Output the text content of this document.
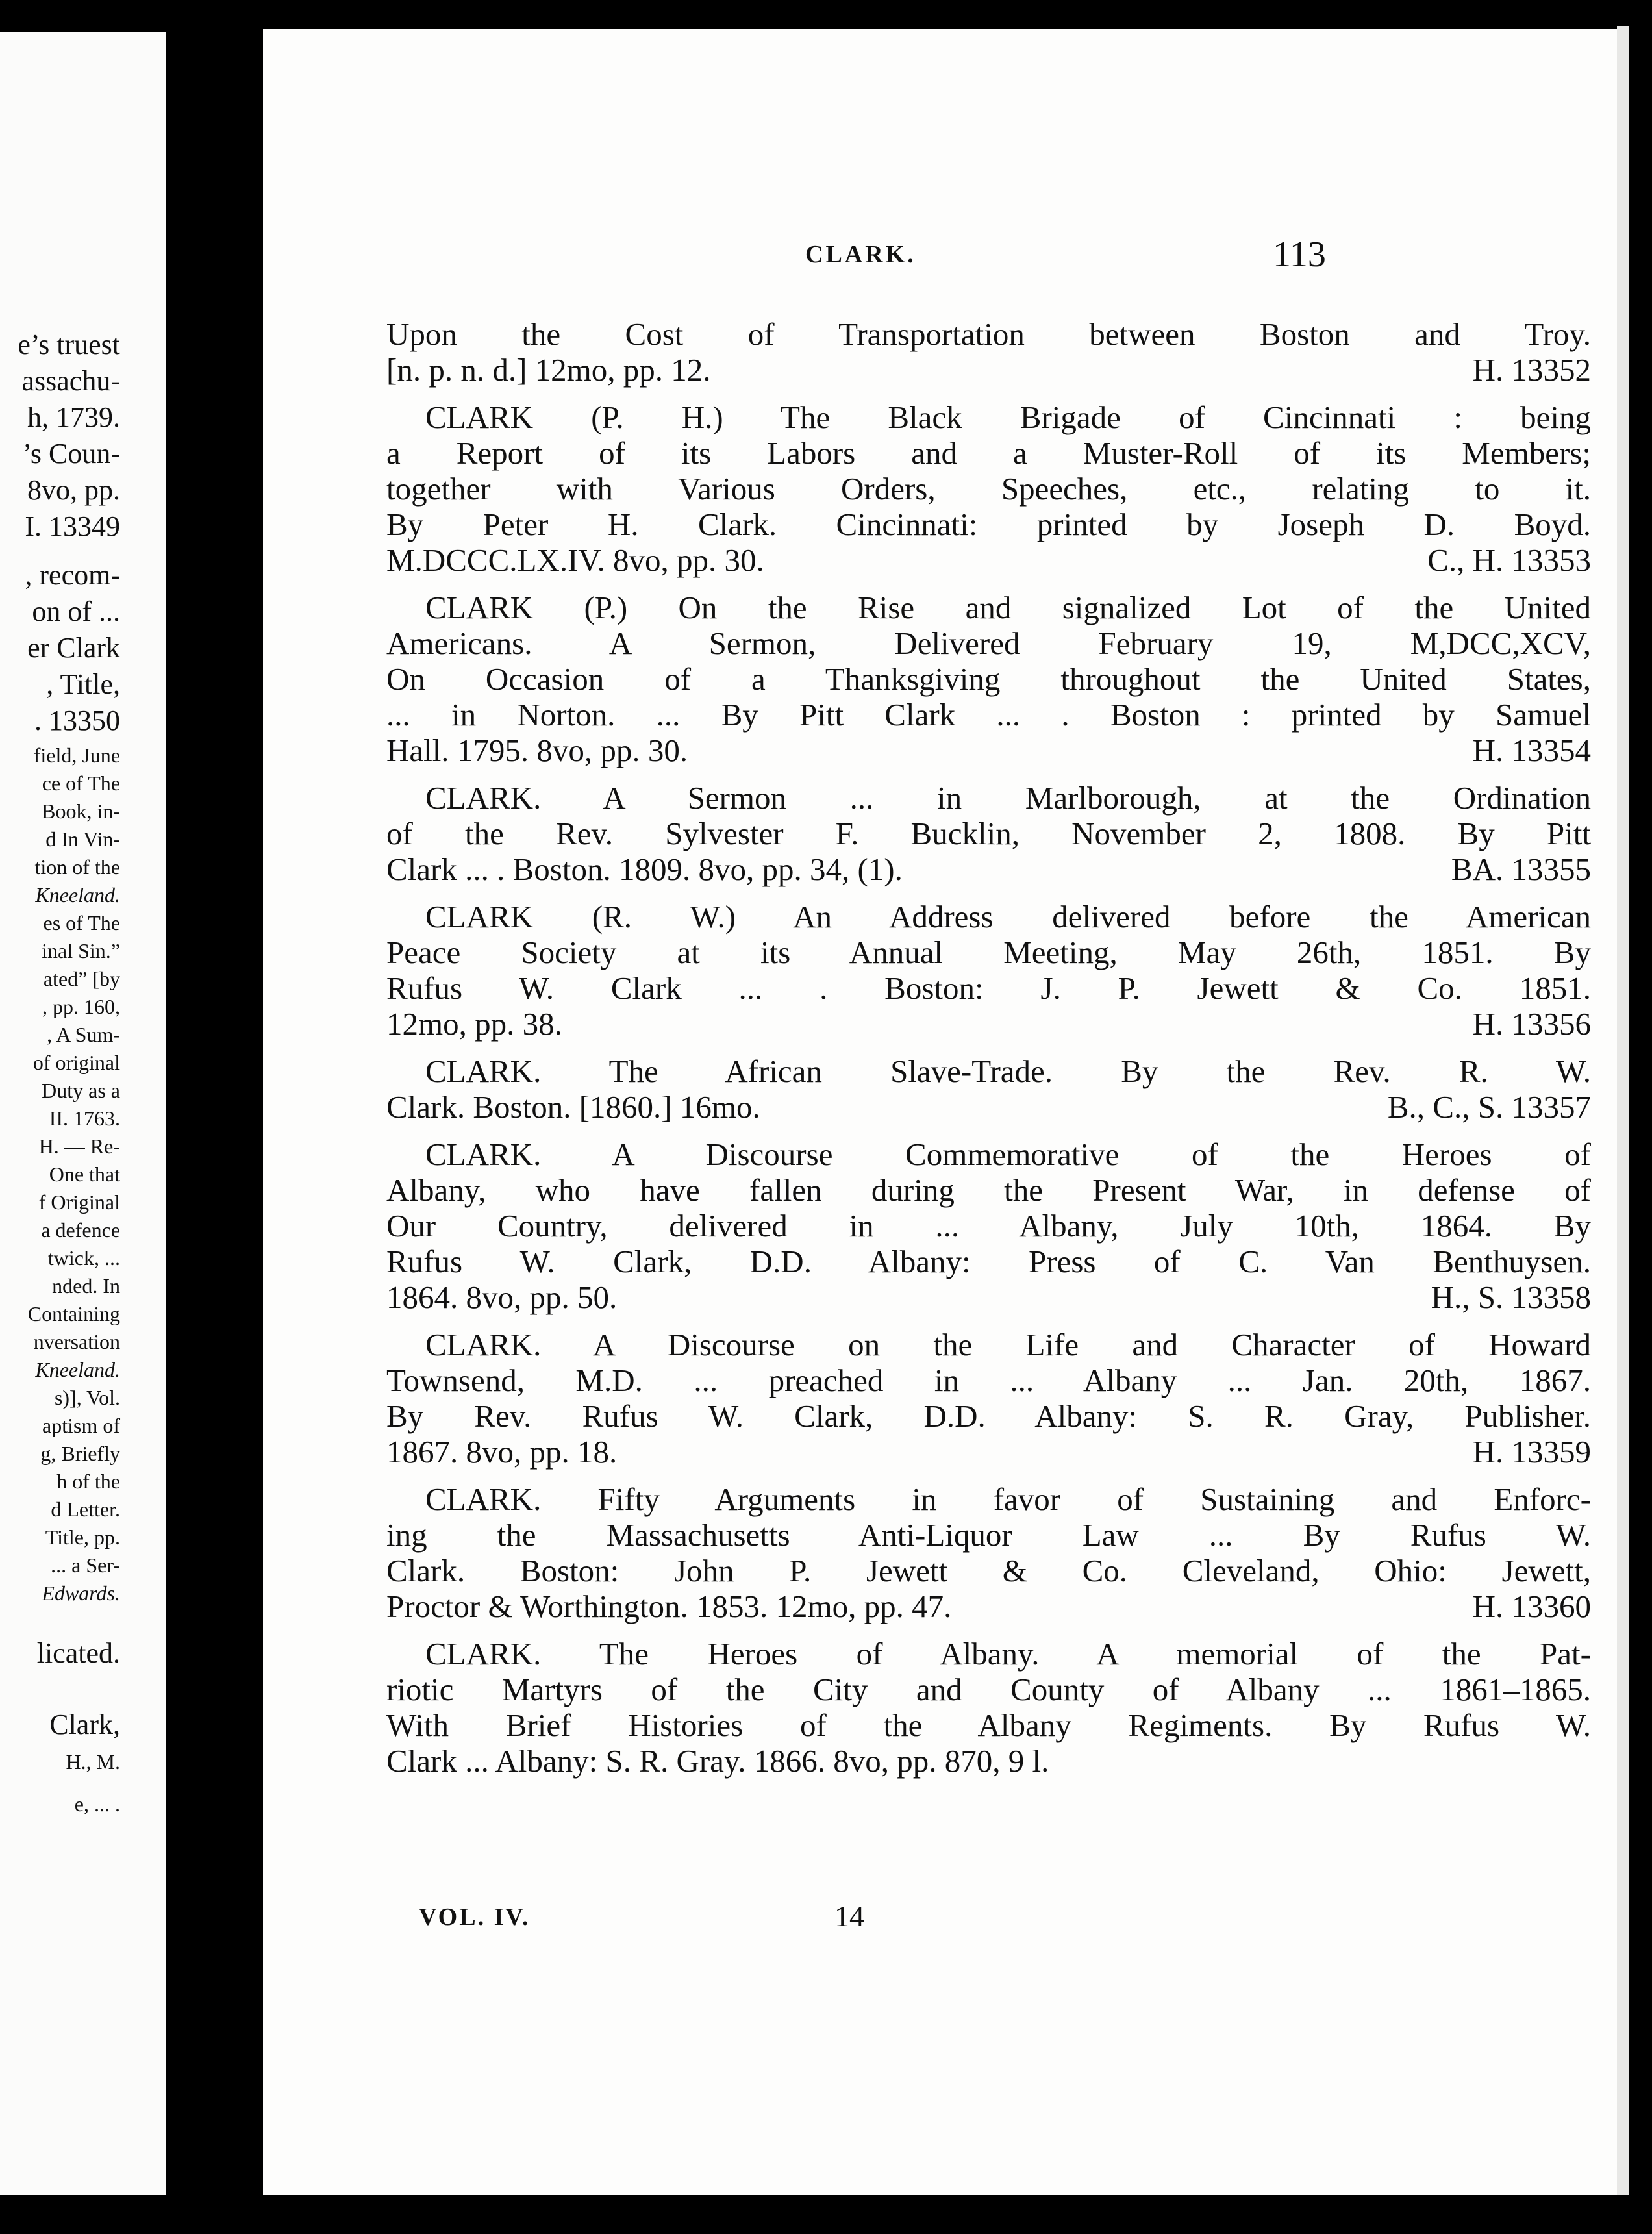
e’s truest
assachu-
h, 1739.
’s Coun-
8vo, pp.
I. 13349
, recom-
on of ...
er Clark
, Title,
. 13350
field, June
ce of The
Book, in-
d In Vin-
tion of the
Kneeland.
es of The
inal Sin.”
ated” [by
, pp. 160,
, A Sum-
of original
Duty as a
II. 1763.
H. — Re-
One that
f Original
a defence
twick, ...
nded. In
Containing
nversation
Kneeland.
s)], Vol.
aptism of
g, Briefly
h of the
d Letter.
Title, pp.
... a Ser-
Edwards.
licated.
Clark,
H., M.
e, ... .
CLARK.	113
Upon the Cost of Transportation between Boston and Troy.
[n. p. n. d.] 12mo, pp. 12.	H. 13352
CLARK (P. H.) The Black Brigade of Cincinnati : being
a Report of its Labors and a Muster-Roll of its Members;
together with Various Orders, Speeches, etc., relating to it.
By Peter H. Clark. Cincinnati: printed by Joseph D. Boyd.
M.DCCC.LX.IV. 8vo, pp. 30.	C., H. 13353
CLARK (P.) On the Rise and signalized Lot of the United
Americans. A Sermon, Delivered February 19, M,DCC,XCV,
On Occasion of a Thanksgiving throughout the United States,
... in Norton. ... By Pitt Clark ... . Boston : printed by Samuel
Hall. 1795. 8vo, pp. 30.	H. 13354
CLARK. A Sermon ... in Marlborough, at the Ordination
of the Rev. Sylvester F. Bucklin, November 2, 1808. By Pitt
Clark ... . Boston. 1809. 8vo, pp. 34, (1).	BA. 13355
CLARK (R. W.) An Address delivered before the American
Peace Society at its Annual Meeting, May 26th, 1851. By
Rufus W. Clark ... . Boston: J. P. Jewett & Co. 1851.
12mo, pp. 38.	H. 13356
CLARK. The African Slave-Trade. By the Rev. R. W.
Clark. Boston. [1860.] 16mo.	B., C., S. 13357
CLARK. A Discourse Commemorative of the Heroes of
Albany, who have fallen during the Present War, in defense of
Our Country, delivered in ... Albany, July 10th, 1864. By
Rufus W. Clark, D.D. Albany: Press of C. Van Benthuysen.
1864. 8vo, pp. 50.	H., S. 13358
CLARK. A Discourse on the Life and Character of Howard
Townsend, M.D. ... preached in ... Albany ... Jan. 20th, 1867.
By Rev. Rufus W. Clark, D.D. Albany: S. R. Gray, Publisher.
1867. 8vo, pp. 18.	H. 13359
CLARK. Fifty Arguments in favor of Sustaining and Enforc-
ing the Massachusetts Anti-Liquor Law ... By Rufus W.
Clark. Boston: John P. Jewett & Co. Cleveland, Ohio: Jewett,
Proctor & Worthington. 1853. 12mo, pp. 47.	H. 13360
CLARK. The Heroes of Albany. A memorial of the Pat-
riotic Martyrs of the City and County of Albany ... 1861–1865.
With Brief Histories of the Albany Regiments. By Rufus W.
Clark ... Albany: S. R. Gray. 1866. 8vo, pp. 870, 9 l.
VOL. IV.	14
